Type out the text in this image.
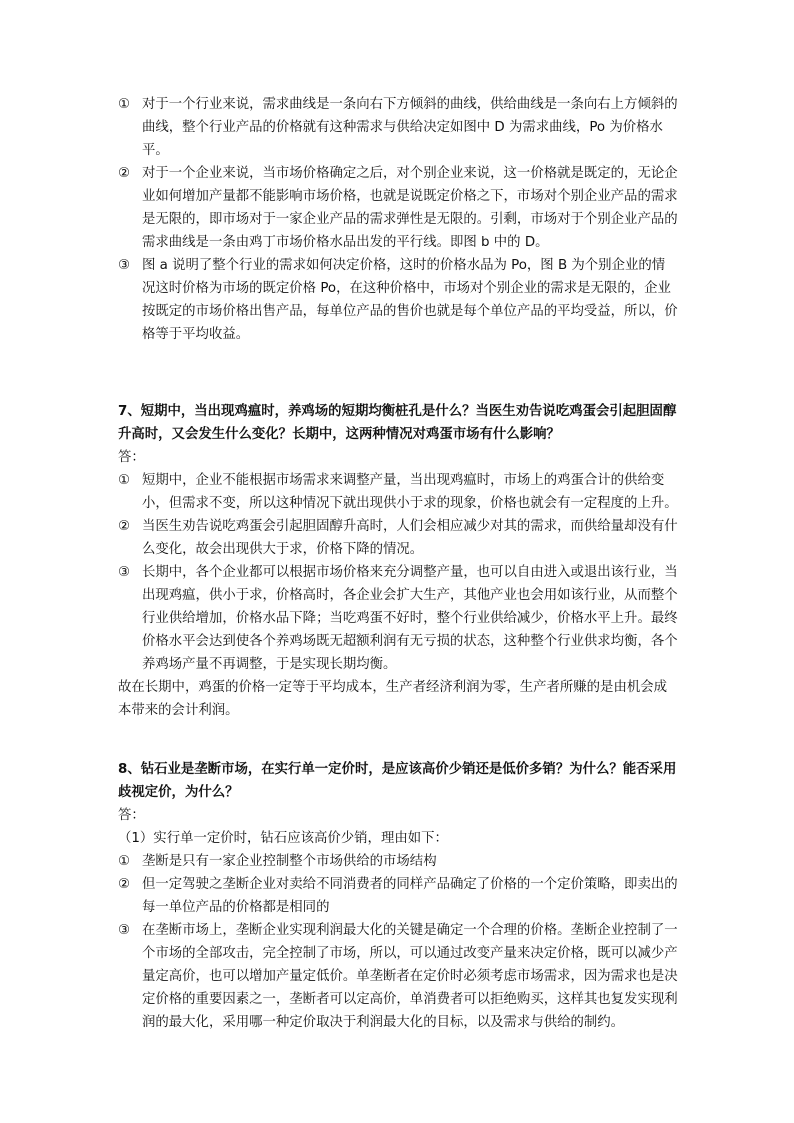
① 对于一个行业来说，需求曲线是一条向右下方倾斜的曲线，供给曲线是一条向右上方倾斜的曲线，整个行业产品的价格就有这种需求与供给决定如图中 D 为需求曲线，Po 为价格水平。
② 对于一个企业来说，当市场价格确定之后，对个别企业来说，这一价格就是既定的，无论企业如何增加产量都不能影响市场价格，也就是说既定价格之下，市场对个别企业产品的需求是无限的，即市场对于一家企业产品的需求弹性是无限的。引剩，市场对于个别企业产品的需求曲线是一条由鸡丁市场价格水品出发的平行线。即图 b 中的 D。
③ 图 a 说明了整个行业的需求如何决定价格，这时的价格水品为 Po，图 B 为个别企业的情况这时价格为市场的既定价格 Po，在这种价格中，市场对个别企业的需求是无限的，企业按既定的市场价格出售产品，每单位产品的售价也就是每个单位产品的平均受益，所以，价格等于平均收益。
7、短期中，当出现鸡瘟时，养鸡场的短期均衡桩孔是什么？当医生劝告说吃鸡蛋会引起胆固醇升高时，又会发生什么变化？长期中，这两种情况对鸡蛋市场有什么影响？
答：
① 短期中，企业不能根据市场需求来调整产量，当出现鸡瘟时，市场上的鸡蛋合计的供给变小，但需求不变，所以这种情况下就出现供小于求的现象，价格也就会有一定程度的上升。
② 当医生劝告说吃鸡蛋会引起胆固醇升高时，人们会相应减少对其的需求，而供给量却没有什么变化，故会出现供大于求，价格下降的情况。
③ 长期中，各个企业都可以根据市场价格来充分调整产量，也可以自由进入或退出该行业，当出现鸡瘟，供小于求，价格高时，各企业会扩大生产，其他产业也会用如该行业，从而整个行业供给增加，价格水品下降；当吃鸡蛋不好时，整个行业供给减少，价格水平上升。最终价格水平会达到使各个养鸡场既无超额利润有无亏损的状态，这种整个行业供求均衡，各个养鸡场产量不再调整，于是实现长期均衡。
故在长期中，鸡蛋的价格一定等于平均成本，生产者经济利润为零，生产者所赚的是由机会成本带来的会计利润。
8、钻石业是垄断市场，在实行单一定价时，是应该高价少销还是低价多销？为什么？能否采用歧视定价，为什么？
答：
（1）实行单一定价时，钻石应该高价少销，理由如下：
① 垄断是只有一家企业控制整个市场供给的市场结构
② 但一定驾驶之垄断企业对卖给不同消费者的同样产品确定了价格的一个定价策略，即卖出的每一单位产品的价格都是相同的
③ 在垄断市场上，垄断企业实现利润最大化的关键是确定一个合理的价格。垄断企业控制了一个市场的全部攻击，完全控制了市场，所以，可以通过改变产量来决定价格，既可以减少产量定高价，也可以增加产量定低价。单垄断者在定价时必须考虑市场需求，因为需求也是决定价格的重要因素之一，垄断者可以定高价，单消费者可以拒绝购买，这样其也复发实现利润的最大化，采用哪一种定价取决于利润最大化的目标，以及需求与供给的制约。
